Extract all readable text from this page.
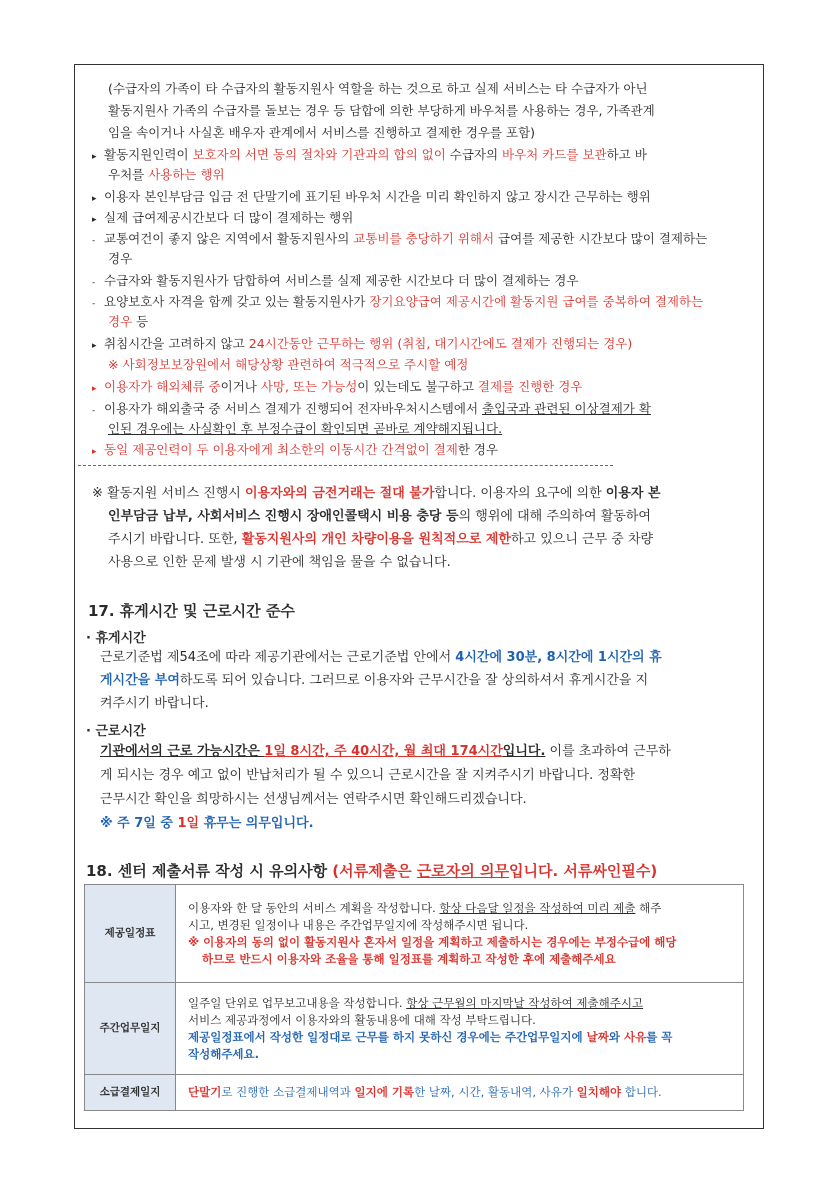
(수급자의 가족이 타 수급자의 활동지원사 역할을 하는 것으로 하고 실제 서비스는 타 수급자가 아닌
활동지원사 가족의 수급자를 돌보는 경우 등 담합에 의한 부당하게 바우처를 사용하는 경우, 가족관계
임을 속이거나 사실혼 배우자 관계에서 서비스를 진행하고 결제한 경우를 포함)
▸ 활동지원인력이 보호자의 서면 동의 절차와 기관과의 합의 없이 수급자의 바우처 카드를 보관하고 바
우처를 사용하는 행위
▸ 이용자 본인부담금 입금 전 단말기에 표기된 바우처 시간을 미리 확인하지 않고 장시간 근무하는 행위
▸ 실제 급여제공시간보다 더 많이 결제하는 행위
- 교통여건이 좋지 않은 지역에서 활동지원사의 교통비를 충당하기 위해서 급여를 제공한 시간보다 많이 결제하는
경우
- 수급자와 활동지원사가 담합하여 서비스를 실제 제공한 시간보다 더 많이 결제하는 경우
- 요양보호사 자격을 함께 갖고 있는 활동지원사가 장기요양급여 제공시간에 활동지원 급여를 중복하여 결제하는
경우 등
▸ 취침시간을 고려하지 않고 24시간동안 근무하는 행위 (취침, 대기시간에도 결제가 진행되는 경우)
※ 사회정보보장원에서 해당상황 관련하여 적극적으로 주시할 예정
▸ 이용자가 해외체류 중이거나 사망, 또는 가능성이 있는데도 불구하고 결제를 진행한 경우
- 이용자가 해외출국 중 서비스 결제가 진행되어 전자바우처시스템에서 출입국과 관련된 이상결제가 확
인된 경우에는 사실확인 후 부정수급이 확인되면 곧바로 계약해지됩니다.
▸ 동일 제공인력이 두 이용자에게 최소한의 이동시간 간격없이 결제한 경우
※ 활동지원 서비스 진행시 이용자와의 금전거래는 절대 불가합니다. 이용자의 요구에 의한 이용자 본
인부담금 납부, 사회서비스 진행시 장애인콜택시 비용 충당 등의 행위에 대해 주의하여 활동하여
주시기 바랍니다. 또한, 활동지원사의 개인 차량이용을 원칙적으로 제한하고 있으니 근무 중 차량
사용으로 인한 문제 발생 시 기관에 책임을 물을 수 없습니다.
17. 휴게시간 및 근로시간 준수
· 휴게시간
근로기준법 제54조에 따라 제공기관에서는 근로기준법 안에서 4시간에 30분, 8시간에 1시간의 휴
게시간을 부여하도록 되어 있습니다. 그러므로 이용자와 근무시간을 잘 상의하셔서 휴게시간을 지
켜주시기 바랍니다.
· 근로시간
기관에서의 근로 가능시간은 1일 8시간, 주 40시간, 월 최대 174시간입니다. 이를 초과하여 근무하
게 되시는 경우 예고 없이 반납처리가 될 수 있으니 근로시간을 잘 지켜주시기 바랍니다. 정확한
근무시간 확인을 희망하시는 선생님께서는 연락주시면 확인해드리겠습니다.
※ 주 7일 중 1일 휴무는 의무입니다.
18. 센터 제출서류 작성 시 유의사항 (서류제출은 근로자의 의무입니다. 서류싸인필수)
제공일정표	이용자와 한 달 동안의 서비스 계획을 작성합니다. 항상 다음달 일정을 작성하여 미리 제출 해주
시고, 변경된 일정이나 내용은 주간업무일지에 작성해주시면 됩니다.
※ 이용자의 동의 없이 활동지원사 혼자서 일정을 계획하고 제출하시는 경우에는 부정수급에 해당
하므로 반드시 이용자와 조율을 통해 일정표를 계획하고 작성한 후에 제출해주세요

주간업무일지	일주일 단위로 업무보고내용을 작성합니다. 항상 근무월의 마지막날 작성하여 제출해주시고
서비스 제공과정에서 이용자와의 활동내용에 대해 작성 부탁드립니다.
제공일정표에서 작성한 일정대로 근무를 하지 못하신 경우에는 주간업무일지에 날짜와 사유를 꼭
작성해주세요.

소급결제일지	단말기로 진행한 소급결제내역과 일지에 기록한 날짜, 시간, 활동내역, 사유가 일치해야 합니다.
